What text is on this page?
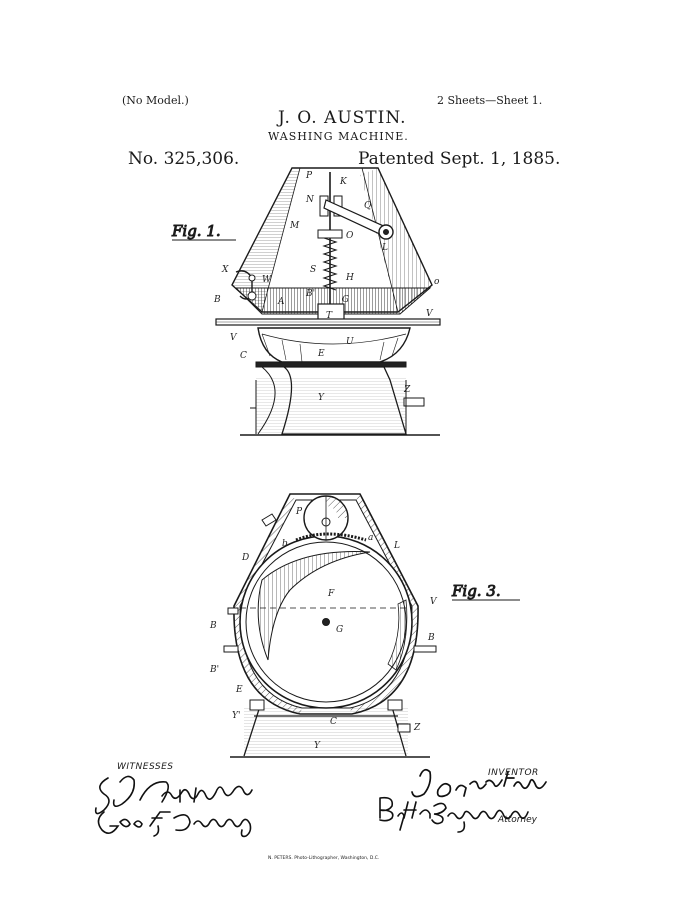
(No Model.)	2 Sheets—Sheet 1.
J. O. AUSTIN.
WASHING MACHINE.
No. 325,306.	Patented Sept. 1, 1885.
Fig. 1.
P
K
Q
N
M
O
L
S
H
X
W
B
B'
A	G
T
o
V
V
C	E
U
Z
Y
Fig. 3.
P
b
a
L
D
F
G
B
B
B'
E
Y'
C
Z
Y
V
WITNESSES
INVENTOR
Attorney
N. PETERS. Photo-Lithographer, Washington, D.C.
